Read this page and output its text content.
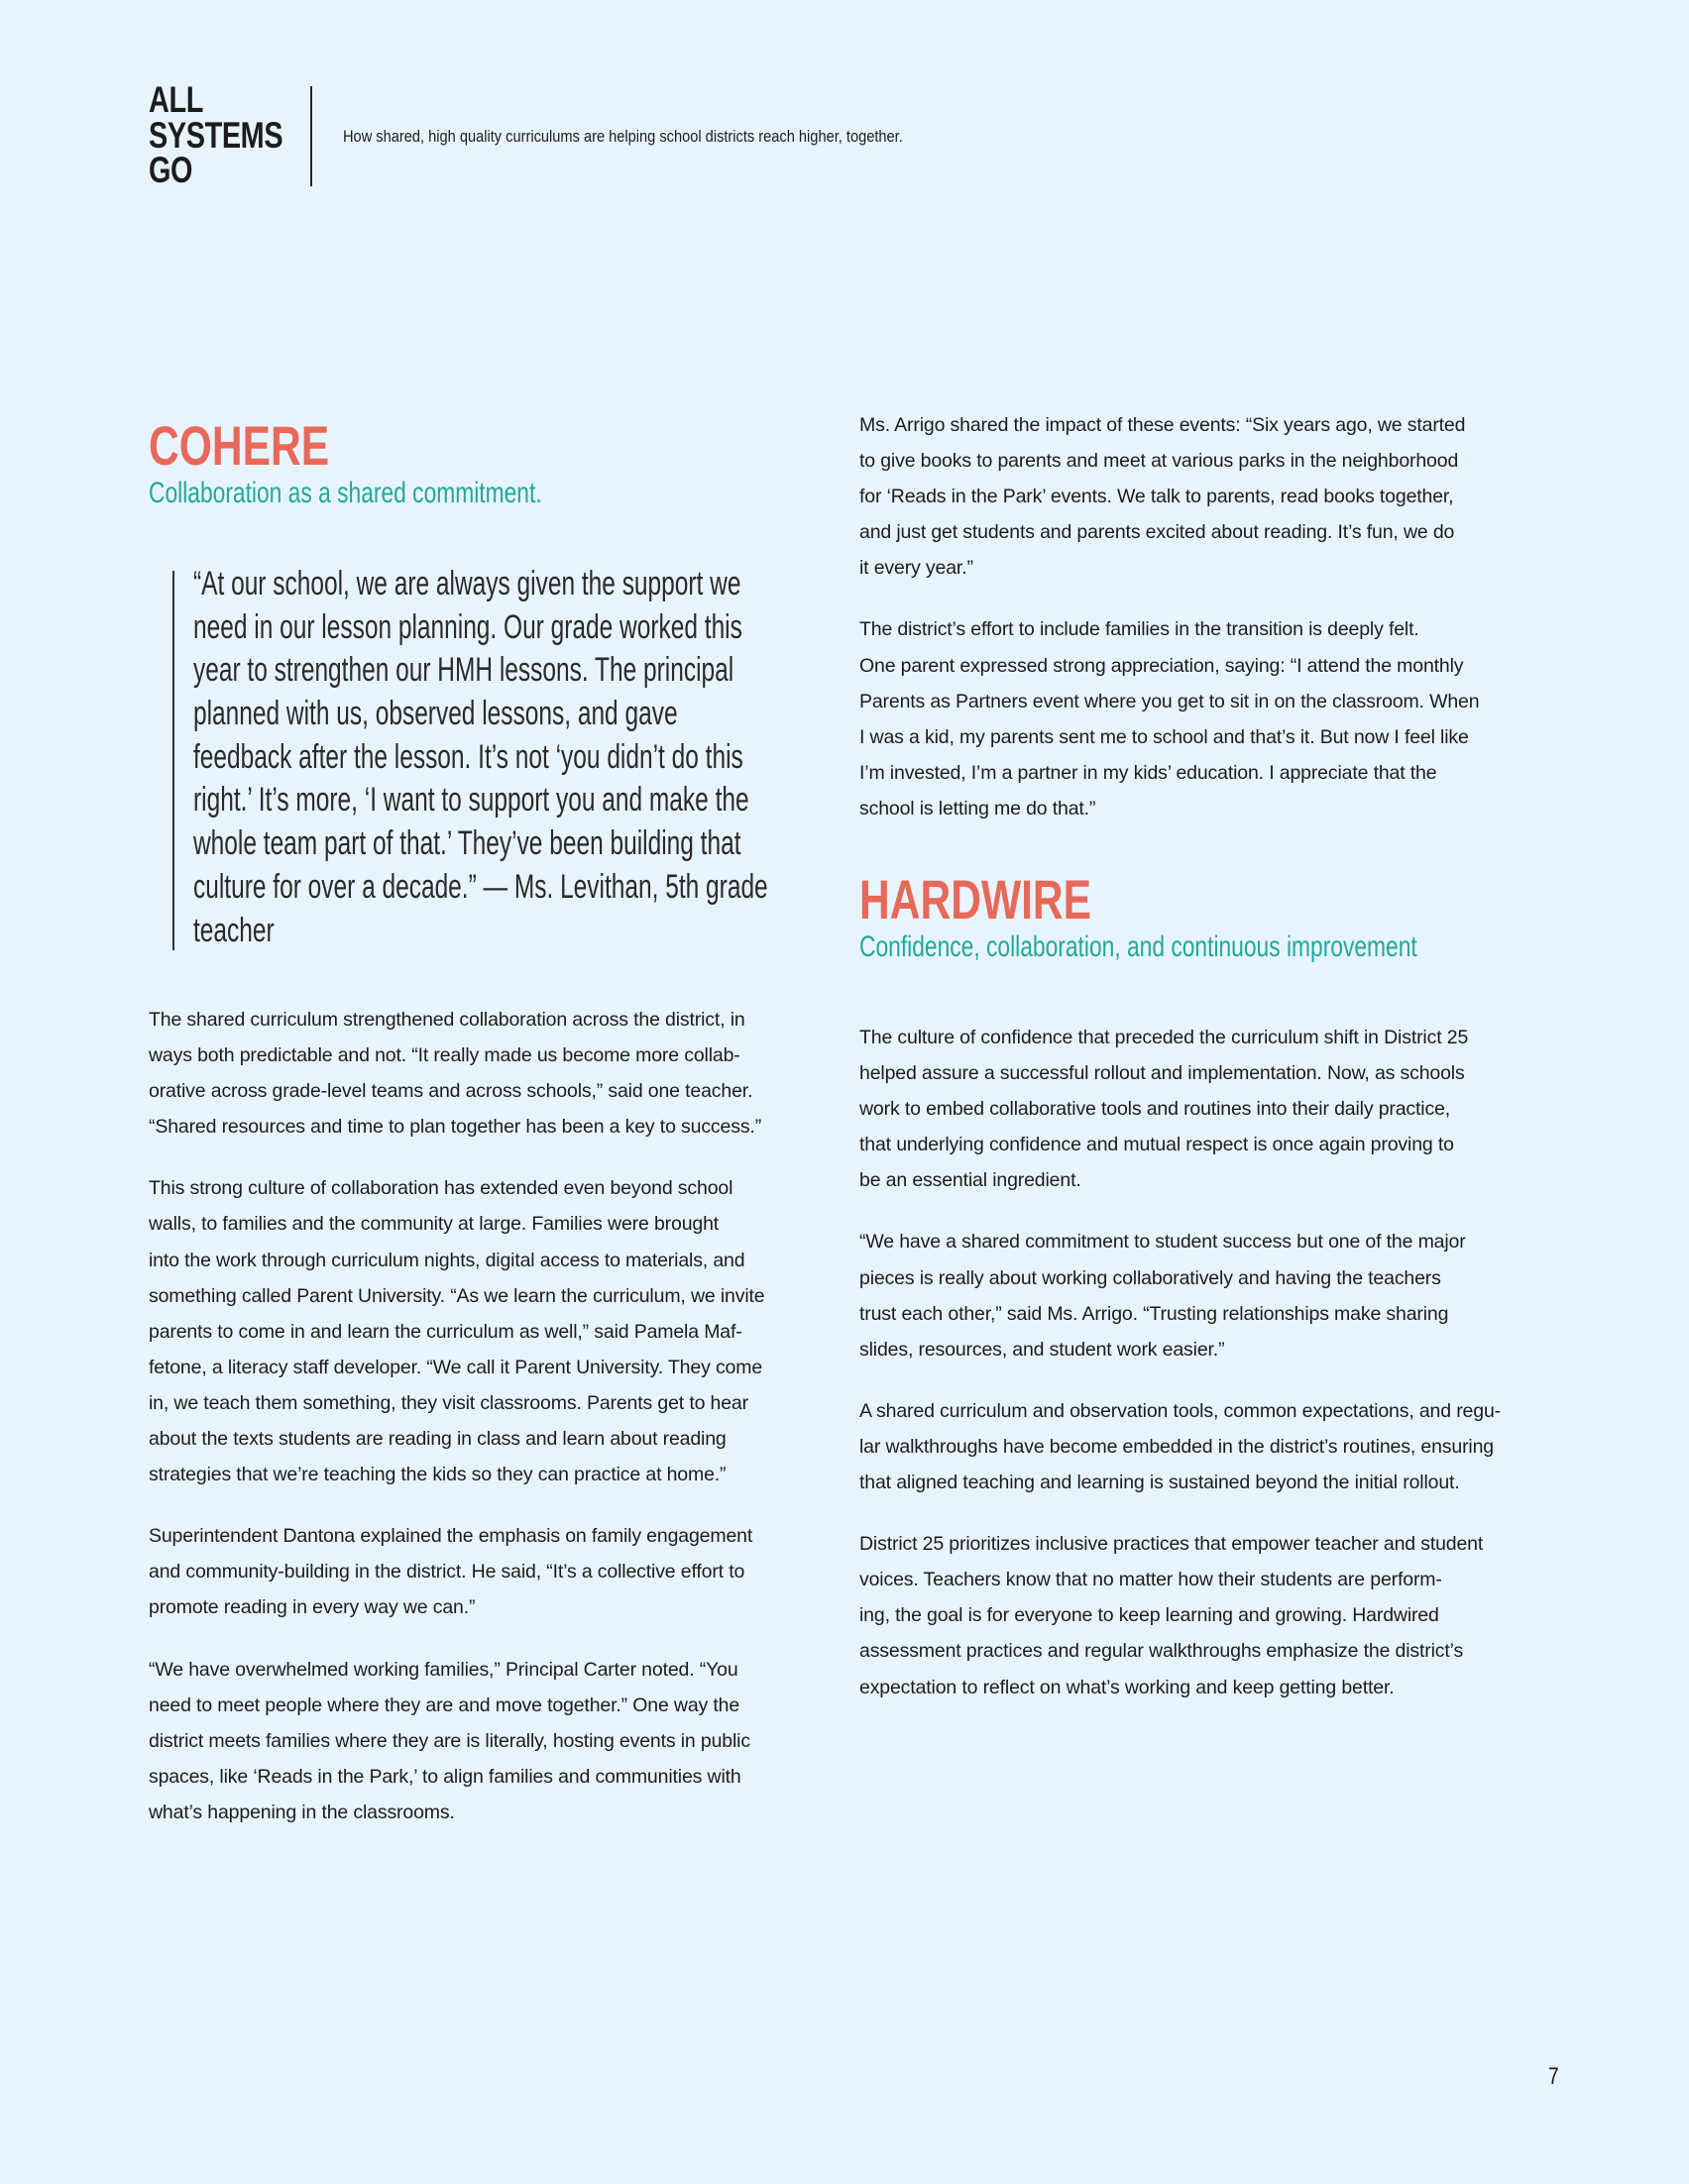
ALL
SYSTEMS
GO
How shared, high quality curriculums are helping school districts reach higher, together.
COHERE
Collaboration as a shared commitment.
“At our school, we are always given the support we
need in our lesson planning. Our grade worked this
year to strengthen our HMH lessons. The principal
planned with us, observed lessons, and gave
feedback after the lesson. It’s not ‘you didn’t do this
right.’ It’s more, ‘I want to support you and make the
whole team part of that.’ They’ve been building that
culture for over a decade.” — Ms. Levithan, 5th grade
teacher

The shared curriculum strengthened collaboration across the district, in
ways both predictable and not. “It really made us become more collab-
orative across grade-level teams and across schools,” said one teacher.
“Shared resources and time to plan together has been a key to success.”

This strong culture of collaboration has extended even beyond school
walls, to families and the community at large. Families were brought
into the work through curriculum nights, digital access to materials, and
something called Parent University. “As we learn the curriculum, we invite
parents to come in and learn the curriculum as well,” said Pamela Maf-
fetone, a literacy staff developer. “We call it Parent University. They come
in, we teach them something, they visit classrooms. Parents get to hear
about the texts students are reading in class and learn about reading
strategies that we’re teaching the kids so they can practice at home.”

Superintendent Dantona explained the emphasis on family engagement
and community-building in the district. He said, “It’s a collective effort to
promote reading in every way we can.”

“We have overwhelmed working families,” Principal Carter noted. “You
need to meet people where they are and move together.” One way the
district meets families where they are is literally, hosting events in public
spaces, like ‘Reads in the Park,’ to align families and communities with
what’s happening in the classrooms.

Ms. Arrigo shared the impact of these events: “Six years ago, we started
to give books to parents and meet at various parks in the neighborhood
for ‘Reads in the Park’ events. We talk to parents, read books together,
and just get students and parents excited about reading. It’s fun, we do
it every year.”

The district’s effort to include families in the transition is deeply felt.
One parent expressed strong appreciation, saying: “I attend the monthly
Parents as Partners event where you get to sit in on the classroom. When
I was a kid, my parents sent me to school and that’s it. But now I feel like
I’m invested, I’m a partner in my kids’ education. I appreciate that the
school is letting me do that.”

HARDWIRE
Confidence, collaboration, and continuous improvement

The culture of confidence that preceded the curriculum shift in District 25
helped assure a successful rollout and implementation. Now, as schools
work to embed collaborative tools and routines into their daily practice,
that underlying confidence and mutual respect is once again proving to
be an essential ingredient.

“We have a shared commitment to student success but one of the major
pieces is really about working collaboratively and having the teachers
trust each other,” said Ms. Arrigo. “Trusting relationships make sharing
slides, resources, and student work easier.”

A shared curriculum and observation tools, common expectations, and regu-
lar walkthroughs have become embedded in the district’s routines, ensuring
that aligned teaching and learning is sustained beyond the initial rollout.

District 25 prioritizes inclusive practices that empower teacher and student
voices. Teachers know that no matter how their students are perform-
ing, the goal is for everyone to keep learning and growing. Hardwired
assessment practices and regular walkthroughs emphasize the district’s
expectation to reflect on what’s working and keep getting better.

7
